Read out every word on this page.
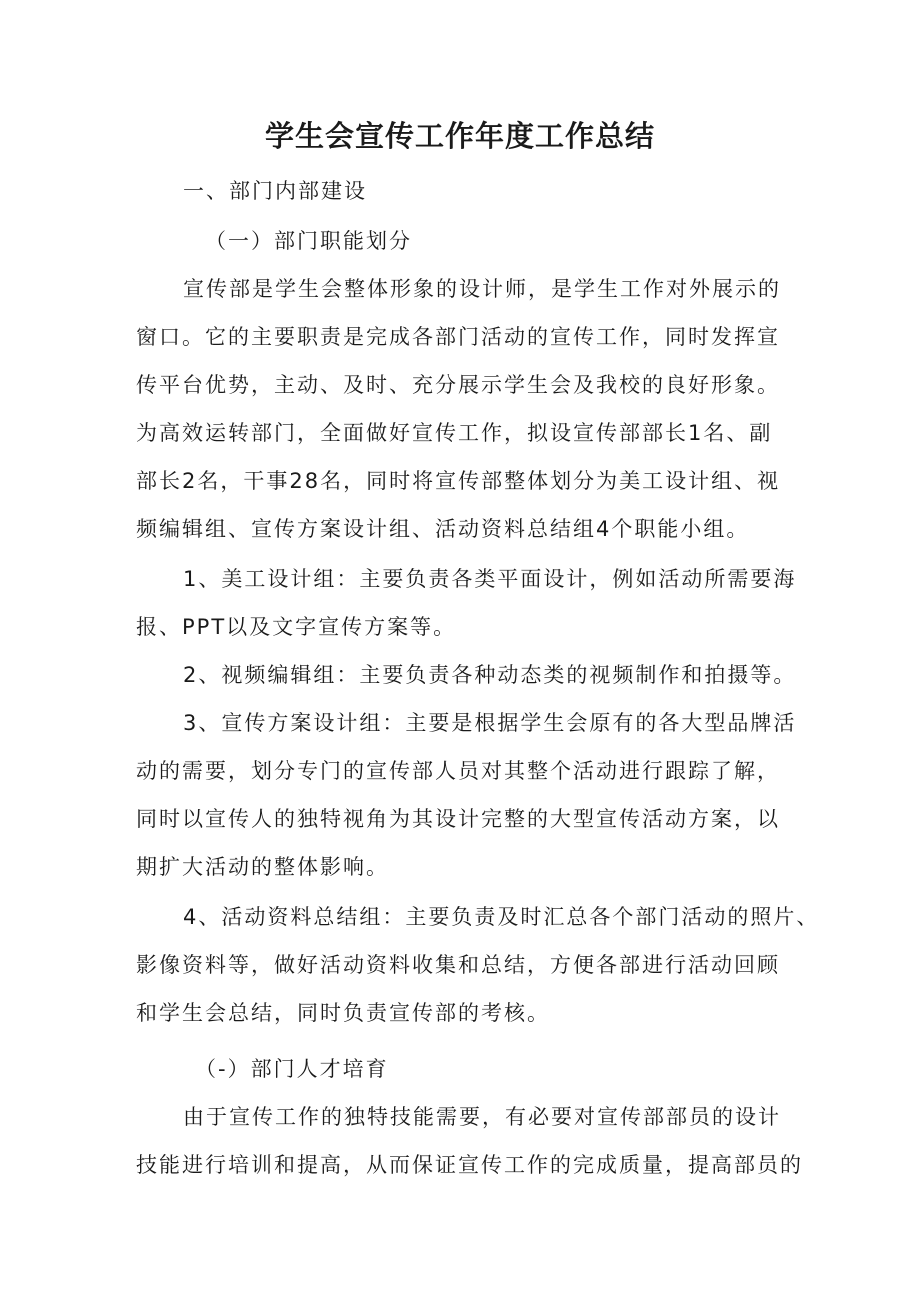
学生会宣传工作年度工作总结

一、部门内部建设

（一）部门职能划分

宣传部是学生会整体形象的设计师，是学生工作对外展示的

窗口。它的主要职责是完成各部门活动的宣传工作，同时发挥宣

传平台优势，主动、及时、充分展示学生会及我校的良好形象。

为高效运转部门，全面做好宣传工作，拟设宣传部部长1名、副

部长2名，干事28名，同时将宣传部整体划分为美工设计组、视

频编辑组、宣传方案设计组、活动资料总结组4个职能小组。

1、美工设计组：主要负责各类平面设计，例如活动所需要海

报、PPT以及文字宣传方案等。

2、视频编辑组：主要负责各种动态类的视频制作和拍摄等。

3、宣传方案设计组：主要是根据学生会原有的各大型品牌活

动的需要，划分专门的宣传部人员对其整个活动进行跟踪了解，

同时以宣传人的独特视角为其设计完整的大型宣传活动方案，以

期扩大活动的整体影响。

4、活动资料总结组：主要负责及时汇总各个部门活动的照片、

影像资料等，做好活动资料收集和总结，方便各部进行活动回顾

和学生会总结，同时负责宣传部的考核。

（-）部门人才培育

由于宣传工作的独特技能需要，有必要对宣传部部员的设计

技能进行培训和提高，从而保证宣传工作的完成质量，提高部员的
